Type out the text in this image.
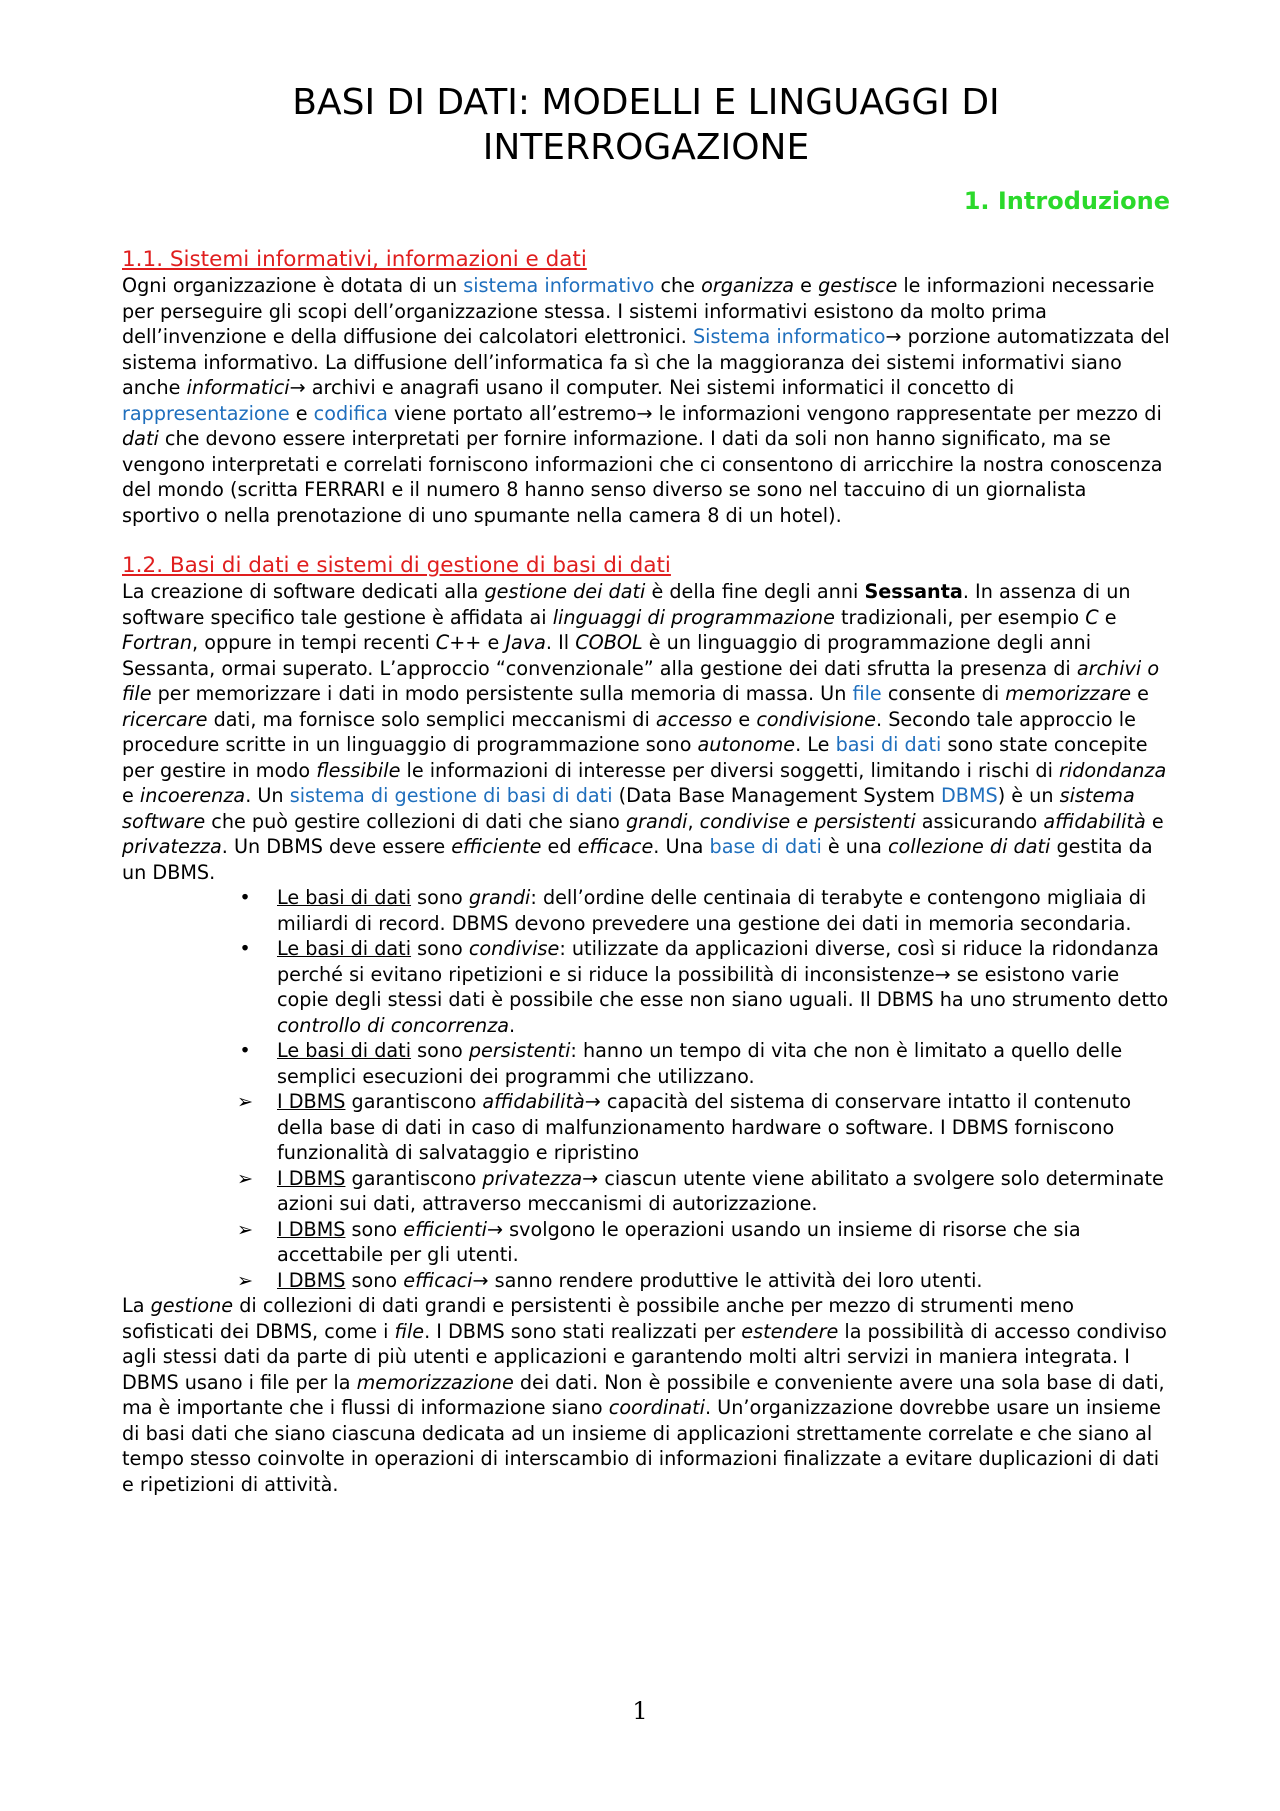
BASI DI DATI: MODELLI E LINGUAGGI DI
INTERROGAZIONE
1. Introduzione
1.1. Sistemi informativi, informazioni e dati

Ogni organizzazione è dotata di un sistema informativo che organizza e gestisce le informazioni necessarie per perseguire gli scopi dell’organizzazione stessa. I sistemi informativi esistono da molto prima dell’invenzione e della diffusione dei calcolatori elettronici. Sistema informatico→ porzione automatizzata del sistema informativo. La diffusione dell’informatica fa sì che la maggioranza dei sistemi informativi siano anche informatici→ archivi e anagrafi usano il computer. Nei sistemi informatici il concetto di rappresentazione e codifica viene portato all’estremo→ le informazioni vengono rappresentate per mezzo di dati che devono essere interpretati per fornire informazione. I dati da soli non hanno significato, ma se vengono interpretati e correlati forniscono informazioni che ci consentono di arricchire la nostra conoscenza del mondo (scritta FERRARI e il numero 8 hanno senso diverso se sono nel taccuino di un giornalista sportivo o nella prenotazione di uno spumante nella camera 8 di un hotel).

1.2. Basi di dati e sistemi di gestione di basi di dati

La creazione di software dedicati alla gestione dei dati è della fine degli anni Sessanta. In assenza di un software specifico tale gestione è affidata ai linguaggi di programmazione tradizionali, per esempio C e Fortran, oppure in tempi recenti C++ e Java. Il COBOL è un linguaggio di programmazione degli anni Sessanta, ormai superato. L’approccio “convenzionale” alla gestione dei dati sfrutta la presenza di archivi o file per memorizzare i dati in modo persistente sulla memoria di massa. Un file consente di memorizzare e ricercare dati, ma fornisce solo semplici meccanismi di accesso e condivisione. Secondo tale approccio le procedure scritte in un linguaggio di programmazione sono autonome. Le basi di dati sono state concepite per gestire in modo flessibile le informazioni di interesse per diversi soggetti, limitando i rischi di ridondanza e incoerenza. Un sistema di gestione di basi di dati (Data Base Management System DBMS) è un sistema software che può gestire collezioni di dati che siano grandi, condivise e persistenti assicurando affidabilità e privatezza. Un DBMS deve essere efficiente ed efficace. Una base di dati è una collezione di dati gestita da un DBMS.

•	Le basi di dati sono grandi: dell’ordine delle centinaia di terabyte e contengono migliaia di miliardi di record. DBMS devono prevedere una gestione dei dati in memoria secondaria.
•	Le basi di dati sono condivise: utilizzate da applicazioni diverse, così si riduce la ridondanza perché si evitano ripetizioni e si riduce la possibilità di inconsistenze→ se esistono varie copie degli stessi dati è possibile che esse non siano uguali. Il DBMS ha uno strumento detto controllo di concorrenza.
•	Le basi di dati sono persistenti: hanno un tempo di vita che non è limitato a quello delle semplici esecuzioni dei programmi che utilizzano.
➢ I DBMS garantiscono affidabilità→ capacità del sistema di conservare intatto il contenuto della base di dati in caso di malfunzionamento hardware o software. I DBMS forniscono funzionalità di salvataggio e ripristino
➢ I DBMS garantiscono privatezza→ ciascun utente viene abilitato a svolgere solo determinate azioni sui dati, attraverso meccanismi di autorizzazione.
➢ I DBMS sono efficienti→ svolgono le operazioni usando un insieme di risorse che sia accettabile per gli utenti.
➢ I DBMS sono efficaci→ sanno rendere produttive le attività dei loro utenti.

La gestione di collezioni di dati grandi e persistenti è possibile anche per mezzo di strumenti meno sofisticati dei DBMS, come i file. I DBMS sono stati realizzati per estendere la possibilità di accesso condiviso agli stessi dati da parte di più utenti e applicazioni e garantendo molti altri servizi in maniera integrata. I DBMS usano i file per la memorizzazione dei dati. Non è possibile e conveniente avere una sola base di dati, ma è importante che i flussi di informazione siano coordinati. Un’organizzazione dovrebbe usare un insieme di basi dati che siano ciascuna dedicata ad un insieme di applicazioni strettamente correlate e che siano al tempo stesso coinvolte in operazioni di interscambio di informazioni finalizzate a evitare duplicazioni di dati e ripetizioni di attività.

1
